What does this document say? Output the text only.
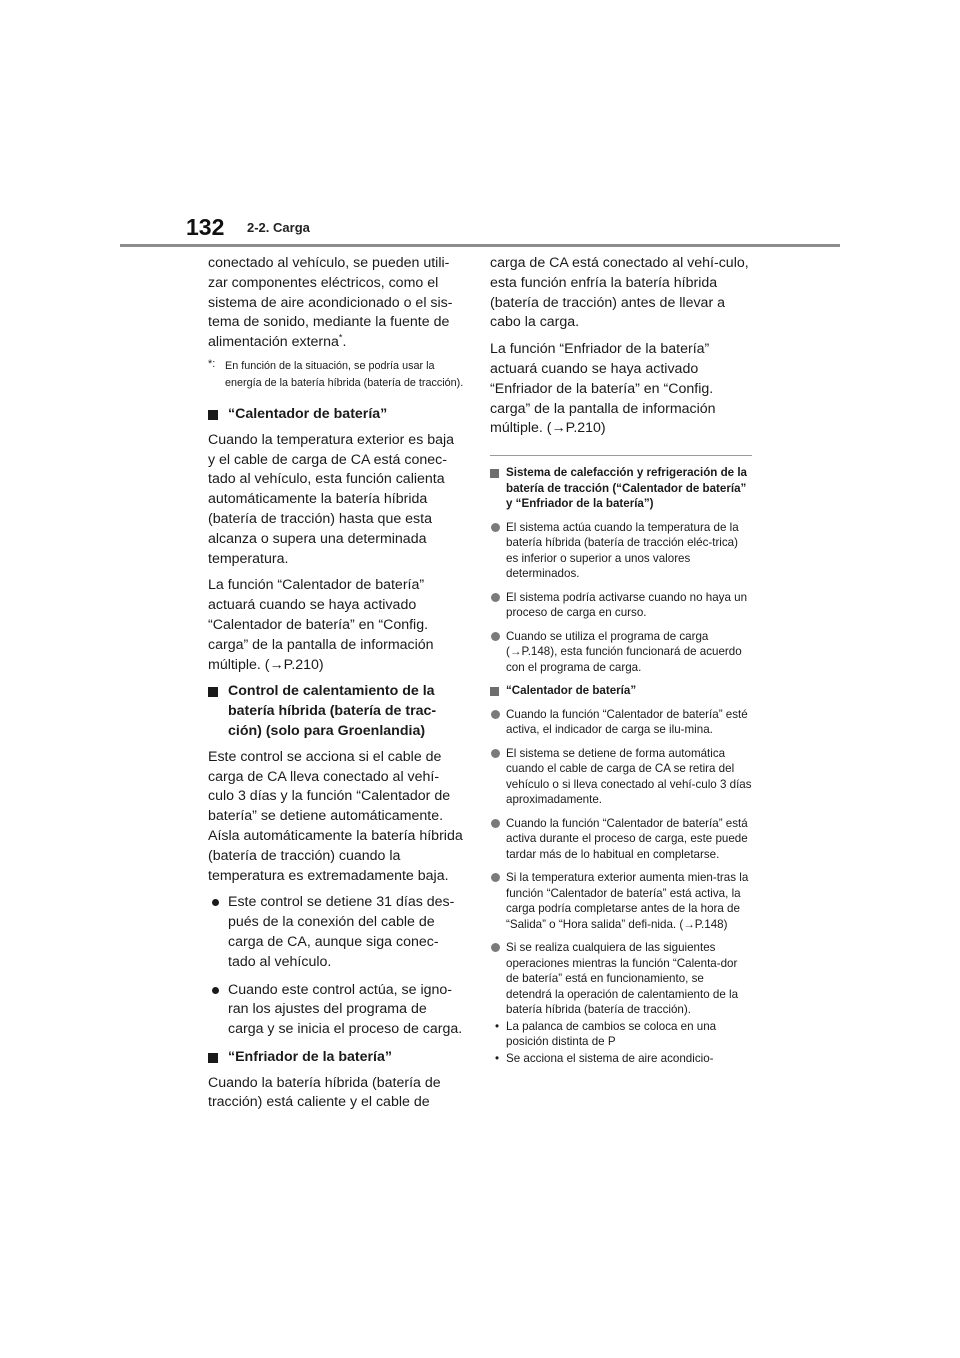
132 2-2. Carga

conectado al vehículo, se pueden utili-zar componentes eléctricos, como el sistema de aire acondicionado o el sis-tema de sonido, mediante la fuente de alimentación externa*.

*: En función de la situación, se podría usar la energía de la batería híbrida (batería de tracción).
“Calentador de batería”

Cuando la temperatura exterior es baja y el cable de carga de CA está conec-tado al vehículo, esta función calienta automáticamente la batería híbrida (batería de tracción) hasta que esta alcanza o supera una determinada temperatura.

La función “Calentador de batería” actuará cuando se haya activado “Calentador de batería” en “Config. carga” de la pantalla de información múltiple. (→P.210)

Control de calentamiento de la batería híbrida (batería de trac-ción) (solo para Groenlandia)

Este control se acciona si el cable de carga de CA lleva conectado al vehí-culo 3 días y la función “Calentador de batería” se detiene automáticamente. Aísla automáticamente la batería híbrida (batería de tracción) cuando la temperatura es extremadamente baja.

Este control se detiene 31 días des-pués de la conexión del cable de carga de CA, aunque siga conec-tado al vehículo.
Cuando este control actúa, se igno-ran los ajustes del programa de carga y se inicia el proceso de carga.
“Enfriador de la batería”

Cuando la batería híbrida (batería de tracción) está caliente y el cable de

carga de CA está conectado al vehí-culo, esta función enfría la batería híbrida (batería de tracción) antes de llevar a cabo la carga.

La función “Enfriador de la batería” actuará cuando se haya activado “Enfriador de la batería” en “Config. carga” de la pantalla de información múltiple. (→P.210)

Sistema de calefacción y refrigeración de la batería de tracción (“Calentador de batería” y “Enfriador de la batería”)
El sistema actúa cuando la temperatura de la batería híbrida (batería de tracción eléc-trica) es inferior o superior a unos valores determinados.
El sistema podría activarse cuando no haya un proceso de carga en curso.
Cuando se utiliza el programa de carga (→P.148), esta función funcionará de acuerdo con el programa de carga.
“Calentador de batería”
Cuando la función “Calentador de batería” esté activa, el indicador de carga se ilu-mina.
El sistema se detiene de forma automática cuando el cable de carga de CA se retira del vehículo o si lleva conectado al vehí-culo 3 días aproximadamente.
Cuando la función “Calentador de batería” está activa durante el proceso de carga, este puede tardar más de lo habitual en completarse.
Si la temperatura exterior aumenta mien-tras la función “Calentador de batería” está activa, la carga podría completarse antes de la hora de “Salida” o “Hora salida” defi-nida. (→P.148)
Si se realiza cualquiera de las siguientes operaciones mientras la función “Calenta-dor de batería” está en funcionamiento, se detendrá la operación de calentamiento de la batería híbrida (batería de tracción).
• La palanca de cambios se coloca en una posición distinta de P
• Se acciona el sistema de aire acondicio-
